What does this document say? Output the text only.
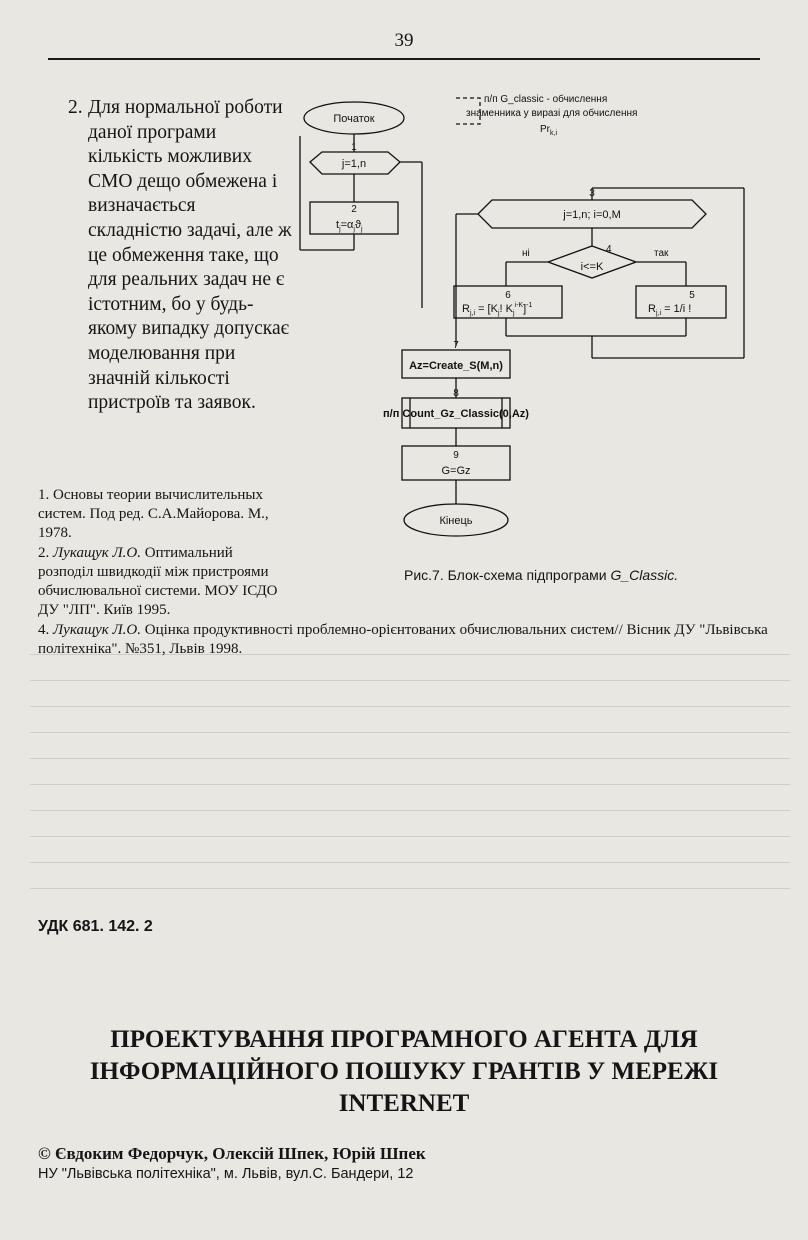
39
2. Для нормальної роботи даної програми кількість можливих СМО дещо обмежена і визначається складністю задачі, але ж це обмеження таке, що для реальних задач не є істотним, бо у будь-якому випадку допускає моделювання при значній кількості пристроїв та заявок.
п/п G_classic - обчислення
знаменника у виразі для обчислення
$Pr_{k,i}$
Початок
1
j=1,n
2
$t_j=\alpha_jϑ_j$
3
j=1,n; i=0,M
4
i<=K
так
ні
6
$R_{j,i} = [K_j$! $K_j^{i-K}]^{-1}$
5
$R_{j,i} = 1/i$ !
7
Az=Create_S(M,n)
8
п/п Count_Gz_Classic(0,Az)
9
G=Gz
Кінець
Рис.7. Блок-схема підпрограми G_Classic.

1. Основы теории вычислительных систем. Под ред. С.А.Майорова. М., 1978.

2. Лукащук Л.О. Оптимальний розподіл швидкодії між пристроями обчислювальної системи. МОУ ІСДО ДУ "ЛП". Київ 1995.

4. Лукащук Л.О. Оцінка продуктивності проблемно-орієнтованих обчислювальних систем// Вісник ДУ "Львівська політехніка". №351, Львів 1998.

УДК 681. 142. 2
ПРОЕКТУВАННЯ ПРОГРАМНОГО АГЕНТА ДЛЯ ІНФОРМАЦІЙНОГО ПОШУКУ ГРАНТІВ У МЕРЕЖІ INTERNET
© Євдоким Федорчук, Олексій Шпек, Юрій Шпек
НУ "Львівська політехніка", м. Львів, вул.С. Бандери, 12
